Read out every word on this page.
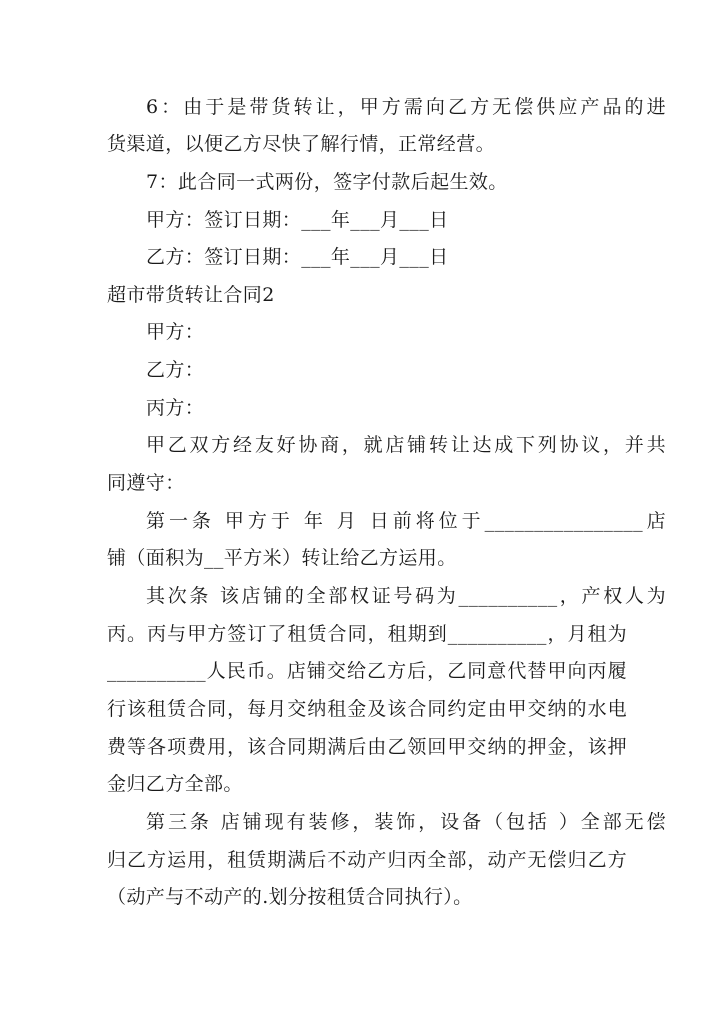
6：由于是带货转让，甲方需向乙方无偿供应产品的进
货渠道，以便乙方尽快了解行情，正常经营。
7：此合同一式两份，签字付款后起生效。
甲方：签订日期：___年___月___日
乙方：签订日期：___年___月___日
超市带货转让合同2
甲方：
乙方：
丙方：
甲乙双方经友好协商，就店铺转让达成下列协议，并共
同遵守：
第一条 甲方于 年 月 日前将位于________________店
铺（面积为__平方米）转让给乙方运用。
其次条 该店铺的全部权证号码为__________，产权人为
丙。丙与甲方签订了租赁合同，租期到__________，月租为
__________人民币。店铺交给乙方后，乙同意代替甲向丙履
行该租赁合同，每月交纳租金及该合同约定由甲交纳的水电
费等各项费用，该合同期满后由乙领回甲交纳的押金，该押
金归乙方全部。
第三条 店铺现有装修，装饰，设备（包括 ）全部无偿
归乙方运用，租赁期满后不动产归丙全部，动产无偿归乙方
（动产与不动产的.划分按租赁合同执行）。
